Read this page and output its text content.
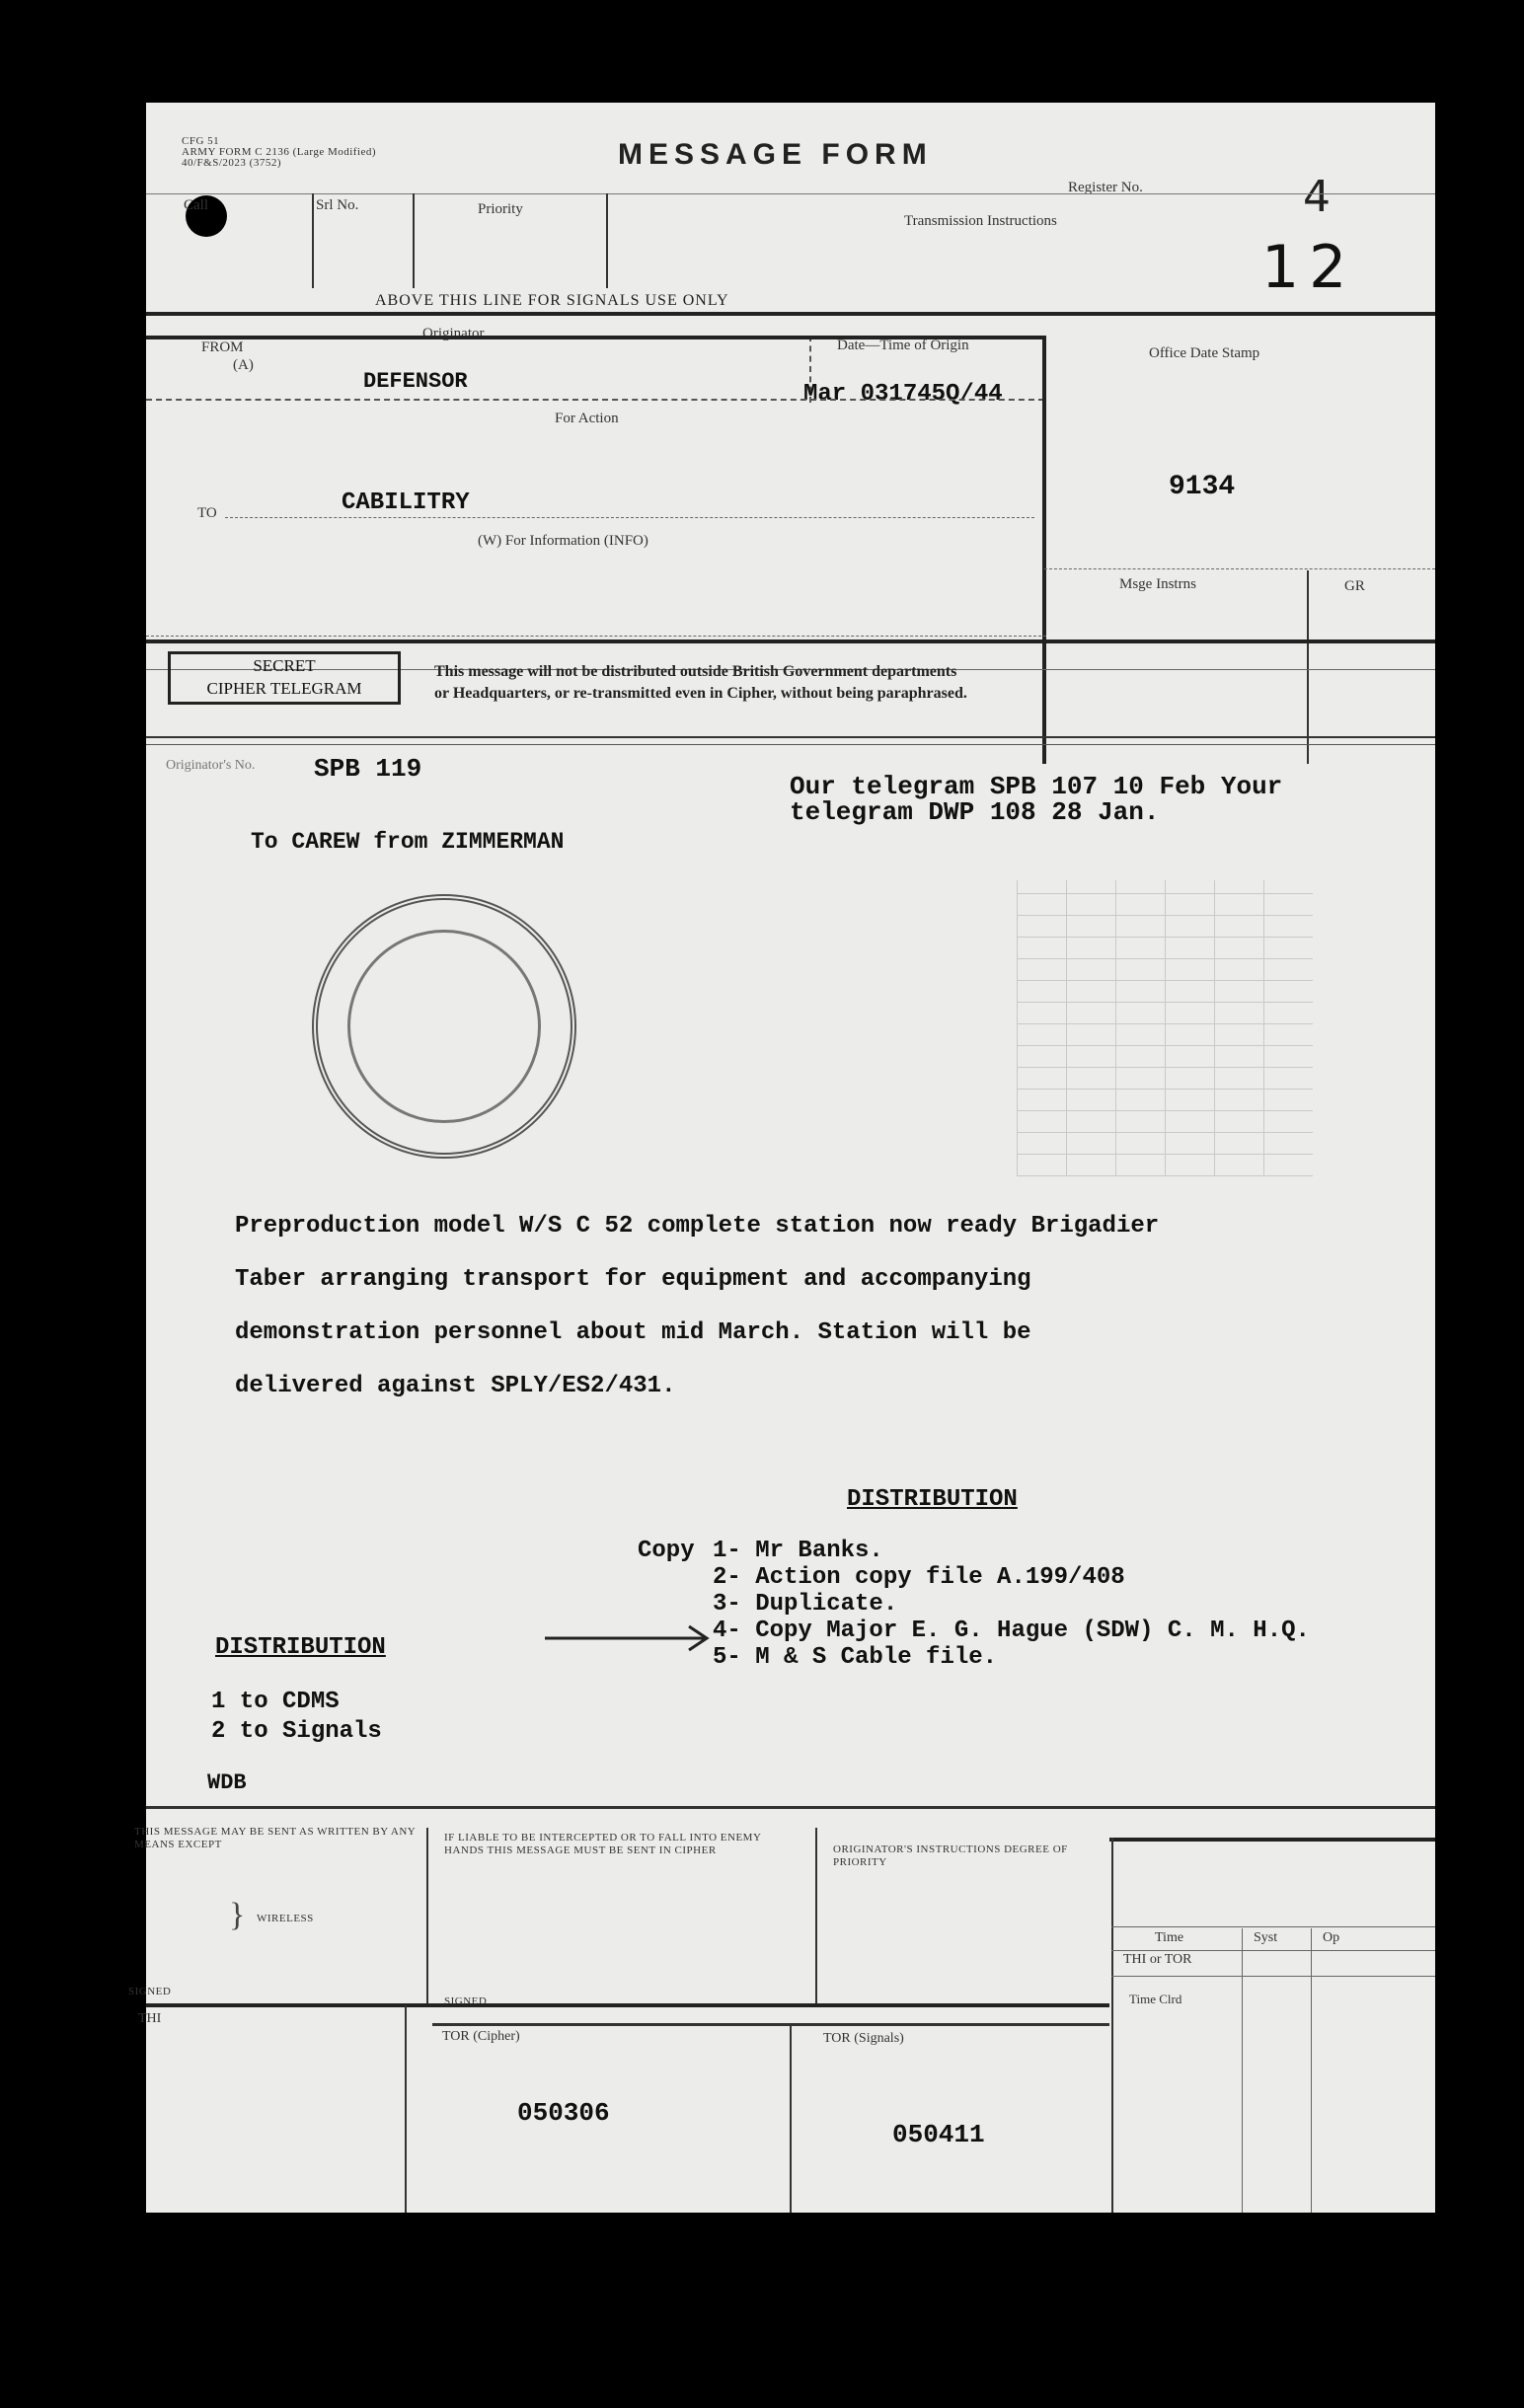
CFG 51
ARMY FORM C 2136 (Large Modified)
40/F&S/2023 (3752)	MESSAGE FORM
Register No.	4
12
Call	Srl No.	Priority
Transmission Instructions
ABOVE THIS LINE FOR SIGNALS USE ONLY
FROM
(A)
Originator
DEFENSOR
Date—Time of Origin
Mar 031745Q/44
For Action
TO	CABILITRY
(W) For Information (INFO)
Office Date Stamp
9134
Msge Instrns	GR
SECRET
CIPHER TELEGRAM
This message will not be distributed outside British Government departments
or Headquarters, or re-transmitted even in Cipher, without being paraphrased.
Originator's No. SPB 119
Our telegram SPB 107 10 Feb Your
telegram DWP 108 28 Jan.
To CAREW from ZIMMERMAN
Preproduction model W/S C 52 complete station now ready Brigadier
Taber arranging transport for equipment and accompanying
demonstration personnel about mid March. Station will be
delivered against SPLY/ES2/431.
DISTRIBUTION
Copy 1- Mr Banks.
2- Action copy file A.199/408
3- Duplicate.
4- Copy Major E. G. Hague (SDW) C. M. H.Q.
5- M & S Cable file.
DISTRIBUTION
1 to CDMS
2 to Signals
WDB
THIS MESSAGE MAY BE SENT AS WRITTEN BY ANY MEANS EXCEPT
} WIRELESS
SIGNED
IF LIABLE TO BE INTERCEPTED OR TO FALL INTO ENEMY HANDS THIS MESSAGE MUST BE SENT IN CIPHER
SIGNED
ORIGINATOR'S INSTRUCTIONS DEGREE OF PRIORITY
Time	Syst	Op
THI or TOR
Time Clrd
THI
TOR (Cipher)
050306
TOR (Signals)
050411
